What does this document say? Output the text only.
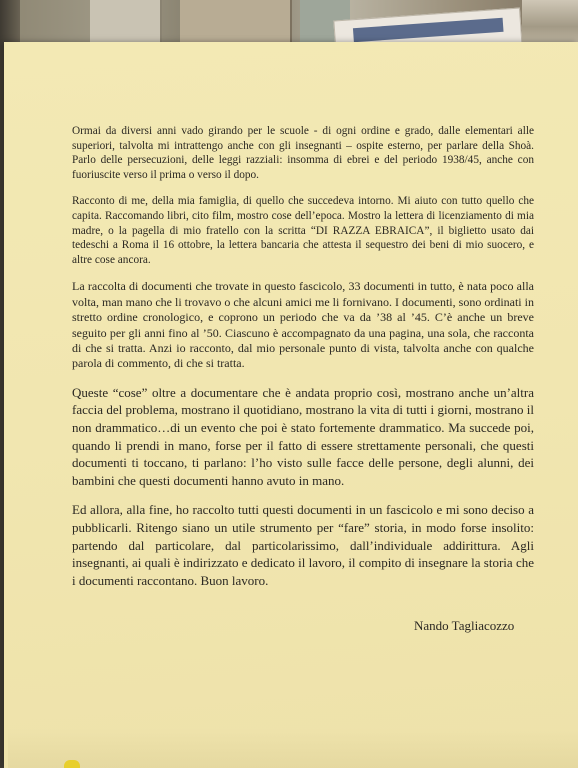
Ormai da diversi anni vado girando per le scuole - di ogni ordine e grado, dalle elementari alle superiori, talvolta mi intrattengo anche con gli insegnanti – ospite esterno, per parlare della Shoà. Parlo delle persecuzioni, delle leggi razziali: insomma di ebrei e del periodo 1938/45, anche con fuoriuscite verso il prima o verso il dopo.

Racconto di me, della mia famiglia, di quello che succedeva intorno. Mi aiuto con tutto quello che capita. Raccomando libri, cito film, mostro cose dell’epoca. Mostro la lettera di licenziamento di mia madre, o la pagella di mio fratello con la scritta “DI RAZZA EBRAICA”, il biglietto usato dai tedeschi a Roma il 16 ottobre, la lettera bancaria che attesta il sequestro dei beni di mio suocero, e altre cose ancora.

La raccolta di documenti che trovate in questo fascicolo, 33 documenti in tutto, è nata poco alla volta, man mano che li trovavo o che alcuni amici me li fornivano. I documenti, sono ordinati in stretto ordine cronologico, e coprono un periodo che va da ’38 al ’45. C’è anche un breve seguito per gli anni fino al ’50. Ciascuno è accompagnato da una pagina, una sola, che racconta di che si tratta. Anzi io racconto, dal mio personale punto di vista, talvolta anche con qualche parola di commento, di che si tratta.

Queste “cose” oltre a documentare che è andata proprio così, mostrano anche un’altra faccia del problema, mostrano il quotidiano, mostrano la vita di tutti i giorni, mostrano il non drammatico…di un evento che poi è stato fortemente drammatico. Ma succede poi, quando li prendi in mano, forse per il fatto di essere strettamente personali, che questi documenti ti toccano, ti parlano: l’ho visto sulle facce delle persone, degli alunni, dei bambini che questi documenti hanno avuto in mano.

Ed allora, alla fine, ho raccolto tutti questi documenti in un fascicolo e mi sono deciso a pubblicarli. Ritengo siano un utile strumento per “fare” storia, in modo forse insolito: partendo dal particolare, dal particolarissimo, dall’individuale addirittura. Agli insegnanti, ai quali è indirizzato e dedicato il lavoro, il compito di insegnare la storia che i documenti raccontano. Buon lavoro.

Nando Tagliacozzo
